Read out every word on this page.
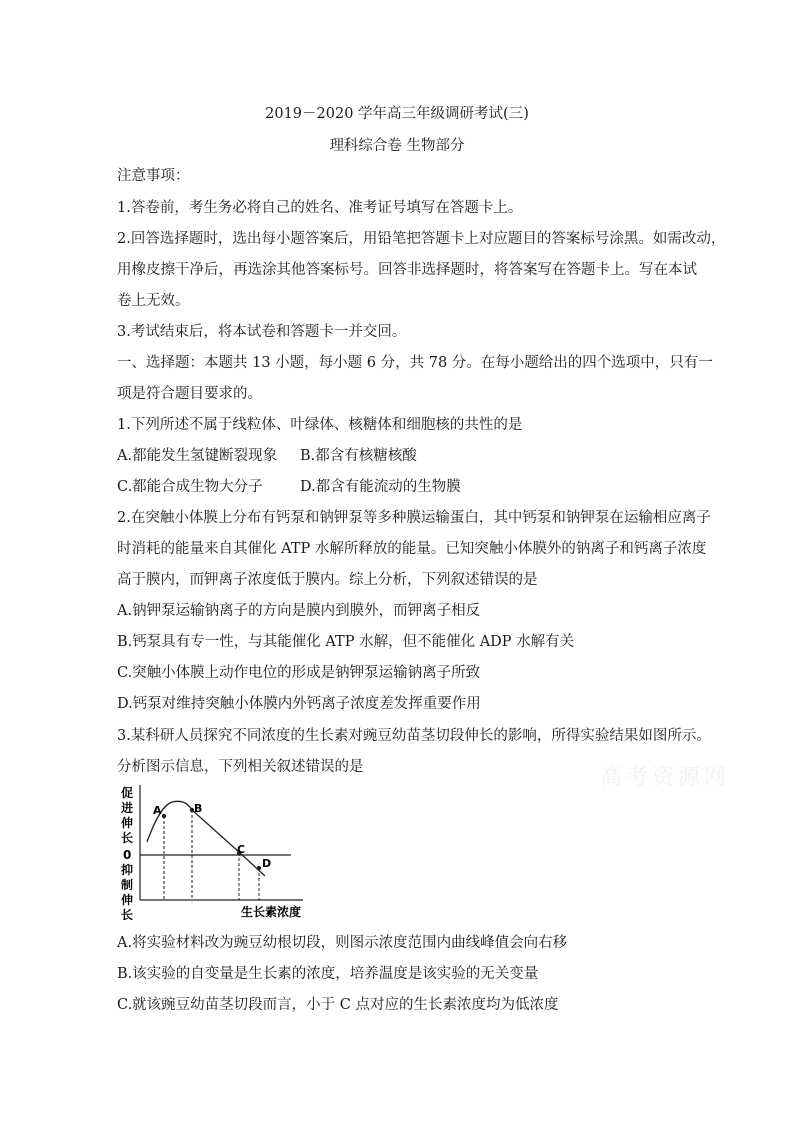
2019－2020 学年高三年级调研考试(三)
理科综合卷 生物部分
注意事项：
1.答卷前，考生务必将自己的姓名、准考证号填写在答题卡上。
2.回答选择题时，选出每小题答案后，用铅笔把答题卡上对应题目的答案标号涂黑。如需改动，
用橡皮擦干净后，再选涂其他答案标号。回答非选择题时，将答案写在答题卡上。写在本试
卷上无效。
3.考试结束后，将本试卷和答题卡一并交回。
一、选择题：本题共 13 小题，每小题 6 分，共 78 分。在每小题给出的四个选项中，只有一
项是符合题目要求的。
1.下列所述不属于线粒体、叶绿体、核糖体和细胞核的共性的是
A.都能发生氢键断裂现象 B.都含有核糖核酸
C.都能合成生物大分子	D.都含有能流动的生物膜
2.在突触小体膜上分布有钙泵和钠钾泵等多种膜运输蛋白，其中钙泵和钠钾泵在运输相应离子
时消耗的能量来自其催化 ATP 水解所释放的能量。已知突触小体膜外的钠离子和钙离子浓度
高于膜内，而钾离子浓度低于膜内。综上分析，下列叙述错误的是
A.钠钾泵运输钠离子的方向是膜内到膜外，而钾离子相反
B.钙泵具有专一性，与其能催化 ATP 水解，但不能催化 ADP 水解有关
C.突触小体膜上动作电位的形成是钠钾泵运输钠离子所致
D.钙泵对维持突触小体膜内外钙离子浓度差发挥重要作用
3.某科研人员探究不同浓度的生长素对豌豆幼苗茎切段伸长的影响，所得实验结果如图所示。
分析图示信息，下列相关叙述错误的是	高考资源网
促
进
伸
长
0
抑
制
伸
长
A	B
C
D
生长素浓度
A.将实验材料改为豌豆幼根切段，则图示浓度范围内曲线峰值会向右移
B.该实验的自变量是生长素的浓度，培养温度是该实验的无关变量
C.就该豌豆幼苗茎切段而言，小于 C 点对应的生长素浓度均为低浓度
